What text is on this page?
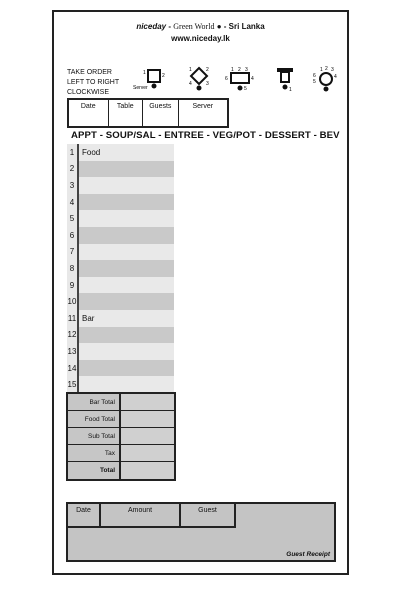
niceday - Green World ● - Sri Lanka
www.niceday.lk
TAKE ORDER
LEFT TO RIGHT
CLOCKWISE
1	2
Server
1	2
3
4
1 2 3
4
5
6
1
1 2 3
4
5
6
Date	Table	Guests	Server
APPT - SOUP/SAL - ENTREE - VEG/POT - DESSERT - BEV
1 Food
2
3
4
5
6
7
8
9
10
11 Bar
12
13
14
15
Bar Total
Food Total
Sub Total
Tax
Total
Date	Amount	Guest
Guest Receipt
